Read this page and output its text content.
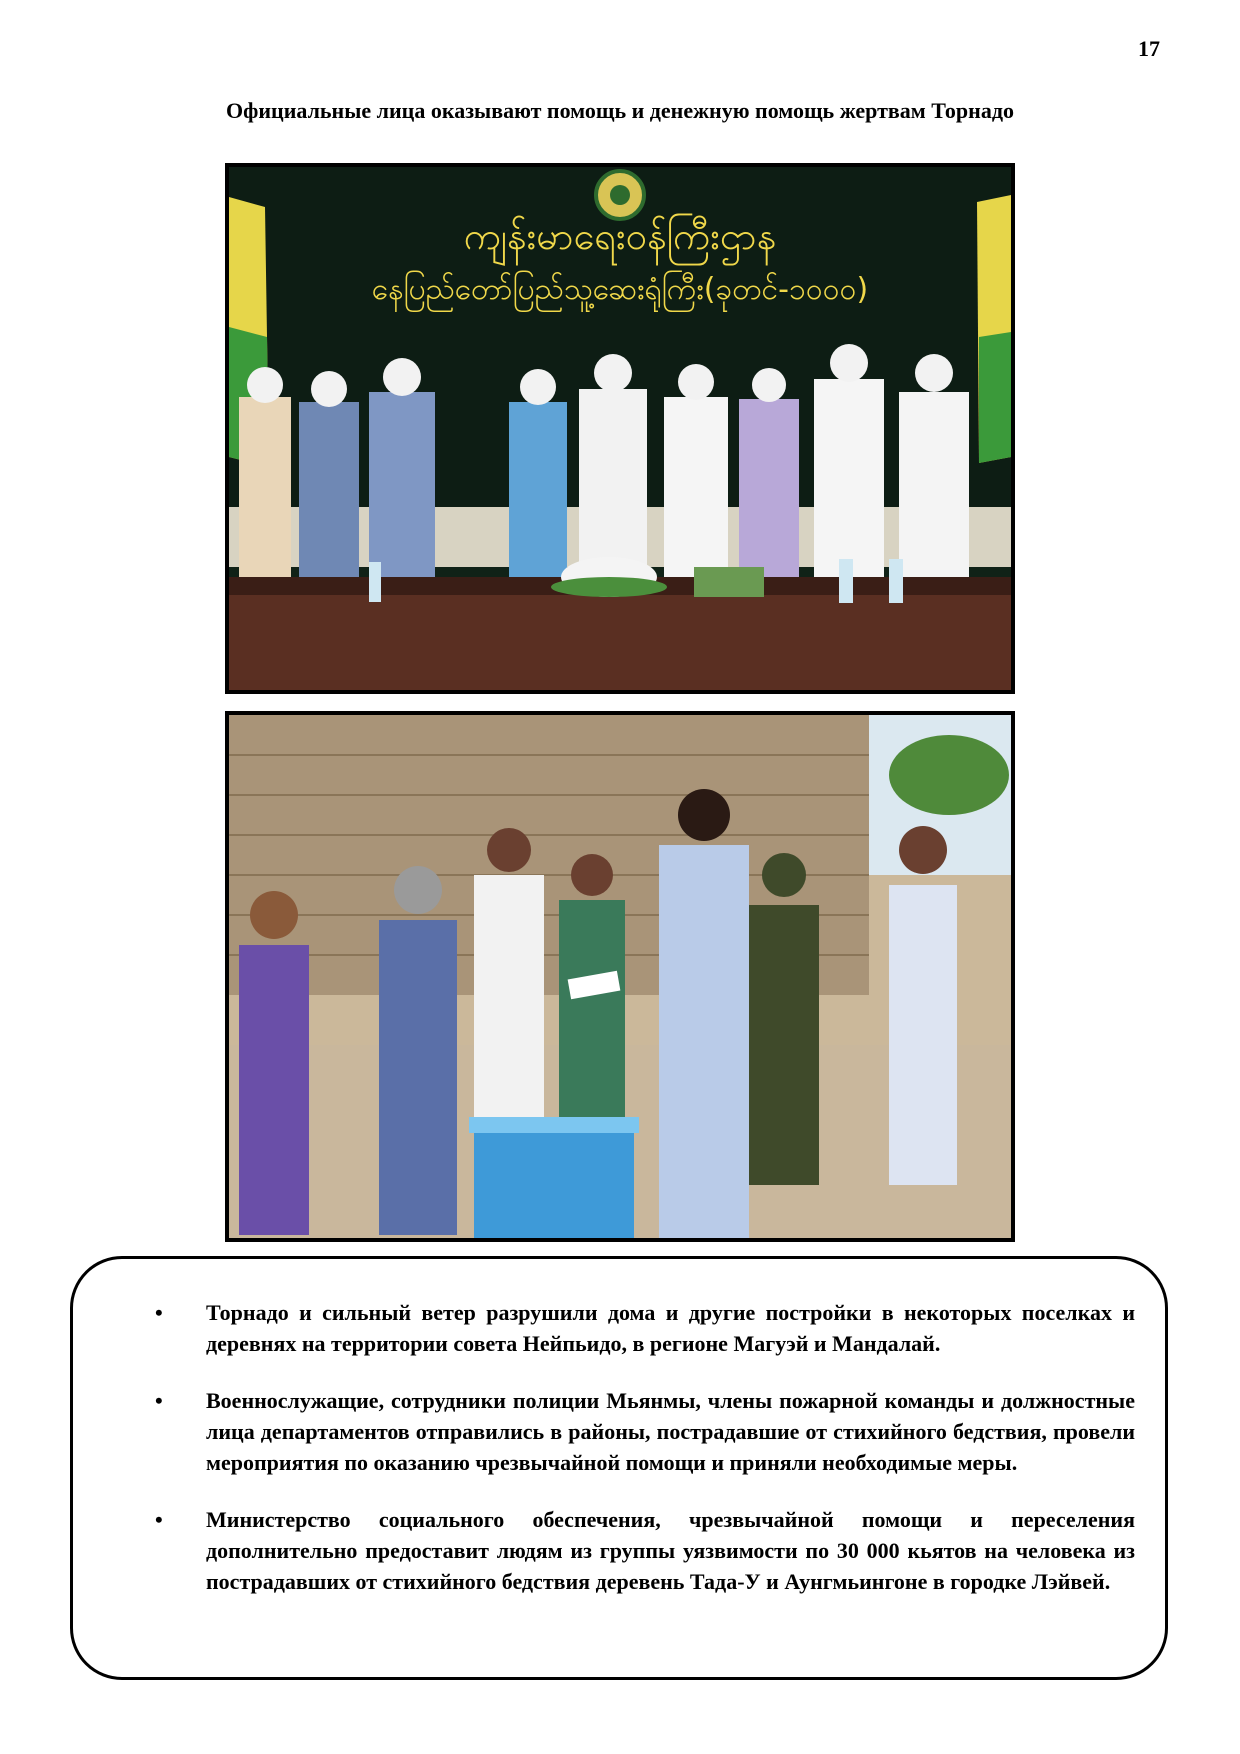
17
Официальные лица оказывают помощь и денежную помощь жертвам Торнадо
ကျန်းမာရေးဝန်ကြီးဌာန
နေပြည်တော်ပြည်သူ့ဆေးရုံကြီး(ခုတင်-၁၀၀၀)
• Торнадо и сильный ветер разрушили дома и другие постройки в некоторых поселках и деревнях на территории совета Нейпьидо, в регионе Магуэй и Мандалай.
• Военнослужащие, сотрудники полиции Мьянмы, члены пожарной команды и должностные лица департаментов отправились в районы, пострадавшие от стихийного бедствия, провели мероприятия по оказанию чрезвычайной помощи и приняли необходимые меры.
• Министерство социального обеспечения, чрезвычайной помощи и переселения дополнительно предоставит людям из группы уязвимости по 30 000 кьятов на человека из пострадавших от стихийного бедствия деревень Тада-У и Аунгмьингоне в городке Лэйвей.
